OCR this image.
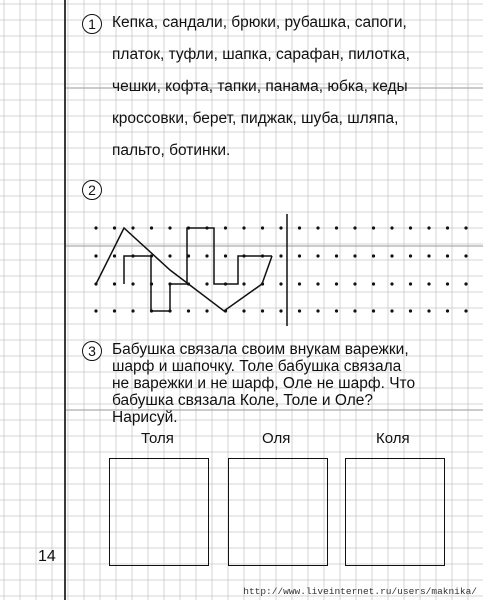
1	Кепка, сандали, брюки, рубашка, сапоги,
платок, туфли, шапка, сарафан, пилотка,
чешки, кофта, тапки, панама, юбка, кеды
кроссовки, берет, пиджак, шуба, шляпа,
пальто, ботинки.
2
3	Бабушка связала своим внукам варежки,
шарф и шапочку. Толе бабушка связала
не варежки и не шарф, Оле не шарф. Что
бабушка связала Коле, Толе и Оле?
Нарисуй.
Толя	Оля	Коля
14
http://www.liveinternet.ru/users/maknika/
